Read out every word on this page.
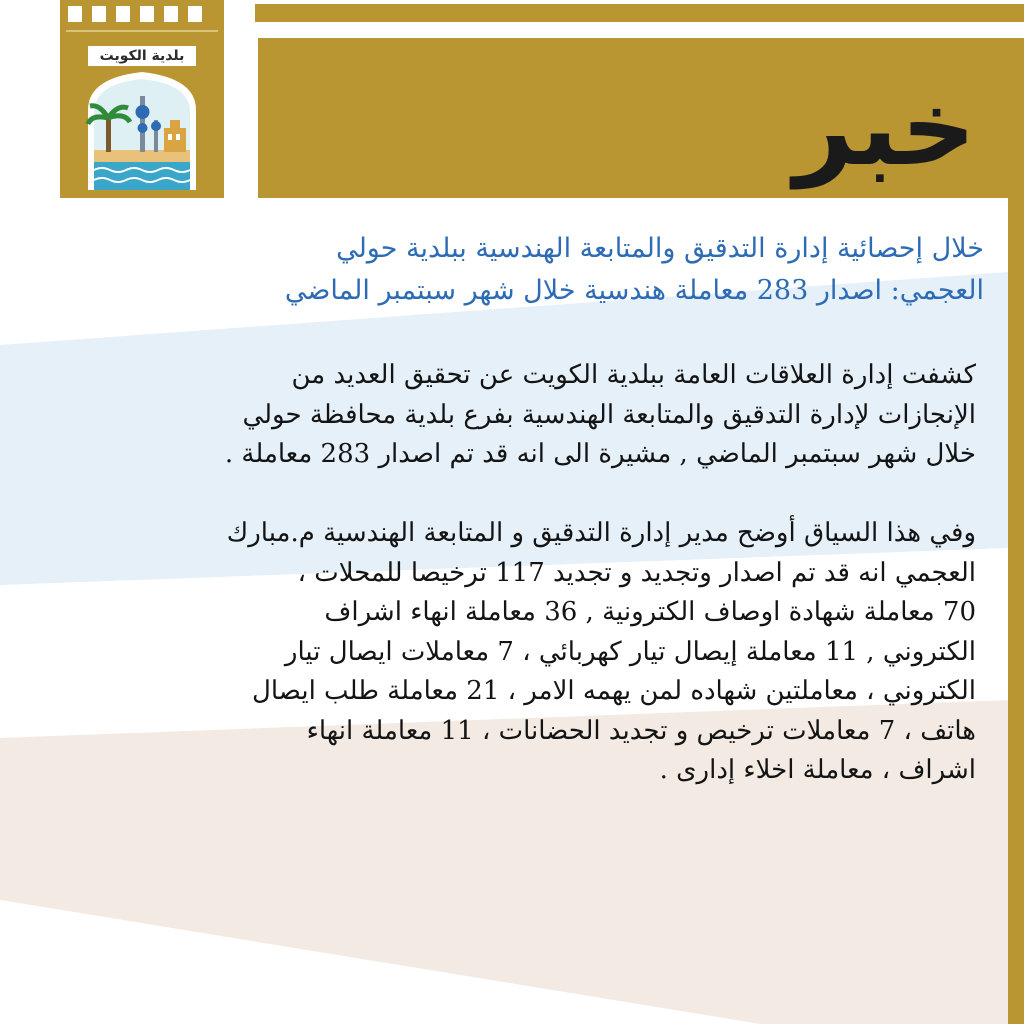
خبر
بلدية الكويت
خلال إحصائية إدارة التدقيق والمتابعة الهندسية ببلدية حولي
العجمي: اصدار 283 معاملة هندسية خلال شهر سبتمبر الماضي
كشفت إدارة العلاقات العامة ببلدية الكويت عن تحقيق العديد من
الإنجازات لإدارة التدقيق والمتابعة الهندسية بفرع بلدية محافظة حولي
خلال شهر سبتمبر الماضي , مشيرة الى انه قد تم اصدار 283 معاملة .
وفي هذا السياق أوضح مدير إدارة التدقيق و المتابعة الهندسية م.مبارك
العجمي انه قد تم اصدار وتجديد و تجديد 117 ترخيصا للمحلات ،
70 معاملة شهادة اوصاف الكترونية , 36 معاملة انهاء اشراف
الكتروني , 11 معاملة إيصال تيار كهربائي ، 7 معاملات ايصال تيار
الكتروني ، معاملتين شهاده لمن يهمه الامر ، 21 معاملة طلب ايصال
هاتف ، 7 معاملات ترخيص و تجديد الحضانات ، 11 معاملة انهاء
اشراف ، معاملة اخلاء إدارى .
